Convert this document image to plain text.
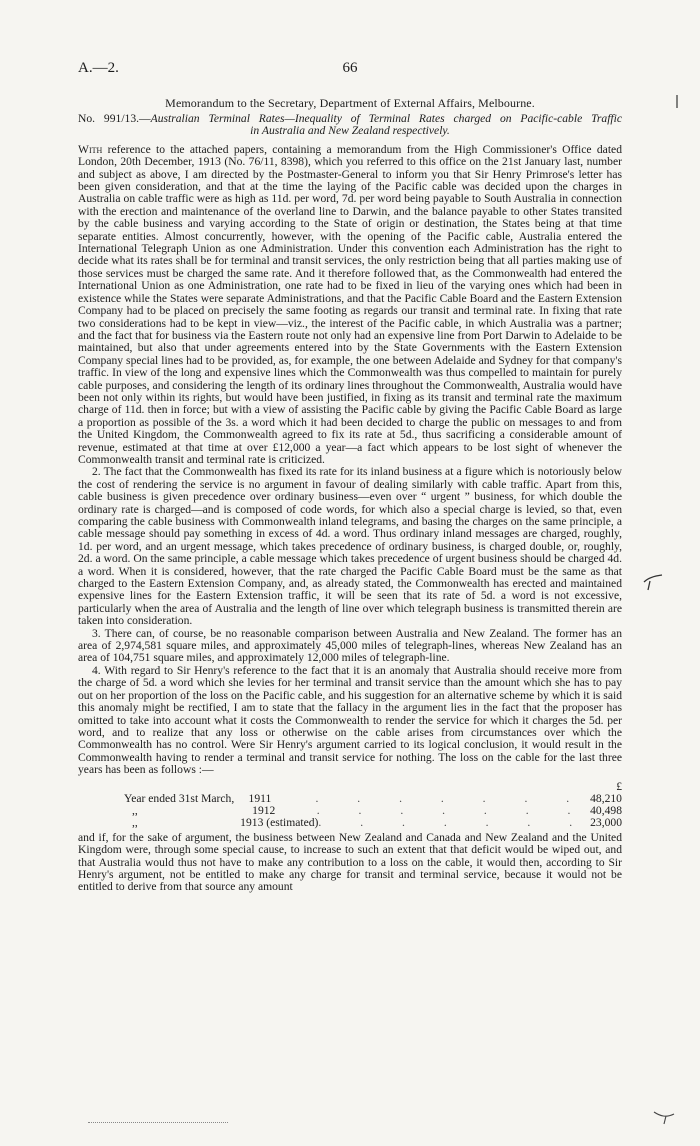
A.—2.	66
Memorandum to the Secretary, Department of External Affairs, Melbourne.
No. 991/13.—Australian Terminal Rates—Inequality of Terminal Rates charged on Pacific-cable Traffic
in Australia and New Zealand respectively.

With reference to the attached papers, containing a memorandum from the High Commissioner's Office dated London, 20th December, 1913 (No. 76/11, 8398), which you referred to this office on the 21st January last, number and subject as above, I am directed by the Postmaster-General to inform you that Sir Henry Primrose's letter has been given consideration, and that at the time the laying of the Pacific cable was decided upon the charges in Australia on cable traffic were as high as 11d. per word, 7d. per word being payable to South Australia in connection with the erection and maintenance of the overland line to Darwin, and the balance payable to other States transited by the cable business and varying according to the State of origin or destination, the States being at that time separate entities. Almost concurrently, however, with the opening of the Pacific cable, Australia entered the International Telegraph Union as one Administration. Under this convention each Administration has the right to decide what its rates shall be for terminal and transit services, the only restriction being that all parties making use of those services must be charged the same rate. And it therefore followed that, as the Commonwealth had entered the International Union as one Administration, one rate had to be fixed in lieu of the varying ones which had been in existence while the States were separate Administrations, and that the Pacific Cable Board and the Eastern Extension Company had to be placed on precisely the same footing as regards our transit and terminal rate. In fixing that rate two considerations had to be kept in view—viz., the interest of the Pacific cable, in which Australia was a partner; and the fact that for business via the Eastern route not only had an expensive line from Port Darwin to Adelaide to be maintained, but also that under agreements entered into by the State Governments with the Eastern Extension Company special lines had to be provided, as, for example, the one between Adelaide and Sydney for that company's traffic. In view of the long and expensive lines which the Commonwealth was thus compelled to maintain for purely cable purposes, and considering the length of its ordinary lines throughout the Commonwealth, Australia would have been not only within its rights, but would have been justified, in fixing as its transit and terminal rate the maximum charge of 11d. then in force; but with a view of assisting the Pacific cable by giving the Pacific Cable Board as large a proportion as possible of the 3s. a word which it had been decided to charge the public on messages to and from the United Kingdom, the Commonwealth agreed to fix its rate at 5d., thus sacrificing a considerable amount of revenue, estimated at that time at over £12,000 a year—a fact which appears to be lost sight of whenever the Commonwealth transit and terminal rate is criticized.

2. The fact that the Commonwealth has fixed its rate for its inland business at a figure which is notoriously below the cost of rendering the service is no argument in favour of dealing similarly with cable traffic. Apart from this, cable business is given precedence over ordinary business—even over “ urgent ” business, for which double the ordinary rate is charged—and is composed of code words, for which also a special charge is levied, so that, even comparing the cable business with Commonwealth inland telegrams, and basing the charges on the same principle, a cable message should pay something in excess of 4d. a word. Thus ordinary inland messages are charged, roughly, 1d. per word, and an urgent message, which takes precedence of ordinary business, is charged double, or, roughly, 2d. a word. On the same principle, a cable message which takes precedence of urgent business should be charged 4d. a word. When it is considered, however, that the rate charged the Pacific Cable Board must be the same as that charged to the Eastern Extension Company, and, as already stated, the Commonwealth has erected and maintained expensive lines for the Eastern Extension traffic, it will be seen that its rate of 5d. a word is not excessive, particularly when the area of Australia and the length of line over which telegraph business is transmitted therein are taken into consideration.

3. There can, of course, be no reasonable comparison between Australia and New Zealand. The former has an area of 2,974,581 square miles, and approximately 45,000 miles of telegraph-lines, whereas New Zealand has an area of 104,751 square miles, and approximately 12,000 miles of telegraph-line.

4. With regard to Sir Henry's reference to the fact that it is an anomaly that Australia should receive more from the charge of 5d. a word which she levies for her terminal and transit service than the amount which she has to pay out on her proportion of the loss on the Pacific cable, and his suggestion for an alternative scheme by which it is said this anomaly might be rectified, I am to state that the fallacy in the argument lies in the fact that the proposer has omitted to take into account what it costs the Commonwealth to render the service for which it charges the 5d. per word, and to realize that any loss or otherwise on the cable arises from circumstances over which the Commonwealth has no control. Were Sir Henry's argument carried to its logical conclusion, it would result in the Commonwealth having to render a terminal and transit service for nothing. The loss on the cable for the last three years has been as follows :—

£
Year ended 31st March,	1911	. . . . . . . 48,210
,,	1912	. . . . . . . 40,498
,,	1913 (estimated) . . . . . . . 23,000

and if, for the sake of argument, the business between New Zealand and Canada and New Zealand and the United Kingdom were, through some special cause, to increase to such an extent that that deficit would be wiped out, and that Australia would thus not have to make any contribution to a loss on the cable, it would then, according to Sir Henry's argument, not be entitled to make any charge for transit and terminal service, because it would not be entitled to derive from that source any amount
